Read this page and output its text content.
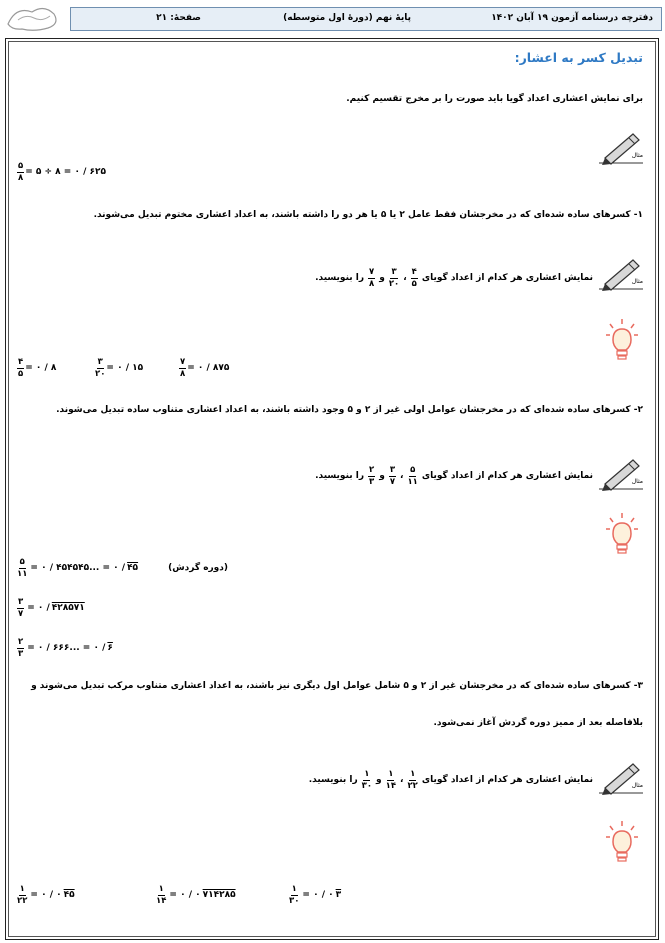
دفترچه درسنامه آزمون ۱۹ آبان ۱۴۰۲
پایهٔ نهم (دورهٔ اول متوسطه)
صفحهٔ: ۲۱
تبدیل کسر به اعشار:
برای نمایش اعشاری اعداد گویا باید صورت را بر مخرج تقسیم کنیم.
مثال
$\frac{۵}{۸}$ = ۵ ÷ ۸ = ۰ / ۶۲۵
۱- کسرهای ساده شده‌ای که در مخرجشان فقط عامل ۲ یا ۵ یا هر دو را داشته باشند، به اعداد اعشاری مختوم تبدیل می‌شوند.
مثال
نمایش اعشاری هر کدام از اعداد گویای
$\frac{۴}{۵}$
،
$\frac{۳}{۲۰}$
و
$\frac{۷}{۸}$
را بنویسید.
$\frac{۴}{۵}$ = ۰ / ۸	$\frac{۳}{۲۰}$ = ۰ / ۱۵	$\frac{۷}{۸}$ = ۰ / ۸۷۵
۲- کسرهای ساده شده‌ای که در مخرجشان عوامل اولی غیر از ۲ و ۵ وجود داشته باشند، به اعداد اعشاری متناوب ساده تبدیل می‌شوند.
مثال
نمایش اعشاری هر کدام از اعداد گویای
$\frac{۵}{۱۱}$
،
$\frac{۳}{۷}$
و
$\frac{۲}{۳}$
را بنویسید.
$\frac{۵}{۱۱}$ = ۰ / ۴۵۴۵۴۵... = ۰ / ۴۵	(دوره گردش)
$\frac{۳}{۷}$ = ۰ / ۴۲۸۵۷۱
$\frac{۲}{۳}$ = ۰ / ۶۶۶... = ۰ / ۶
۳- کسرهای ساده شده‌ای که در مخرجشان غیر از ۲ و ۵ شامل عوامل اول دیگری نیز باشند، به اعداد اعشاری متناوب مرکب تبدیل می‌شوند و
بلافاصله بعد از ممیز دوره گردش آغاز نمی‌شود.
مثال
نمایش اعشاری هر کدام از اعداد گویای
$\frac{۱}{۲۲}$
،
$\frac{۱}{۱۴}$
و
$\frac{۱}{۳۰}$
را بنویسید.
$\frac{۱}{۲۲}$ = ۰ / ۰ ۴۵	$\frac{۱}{۱۴}$ = ۰ / ۰ ۷۱۴۲۸۵	$\frac{۱}{۳۰}$ = ۰ / ۰ ۳
